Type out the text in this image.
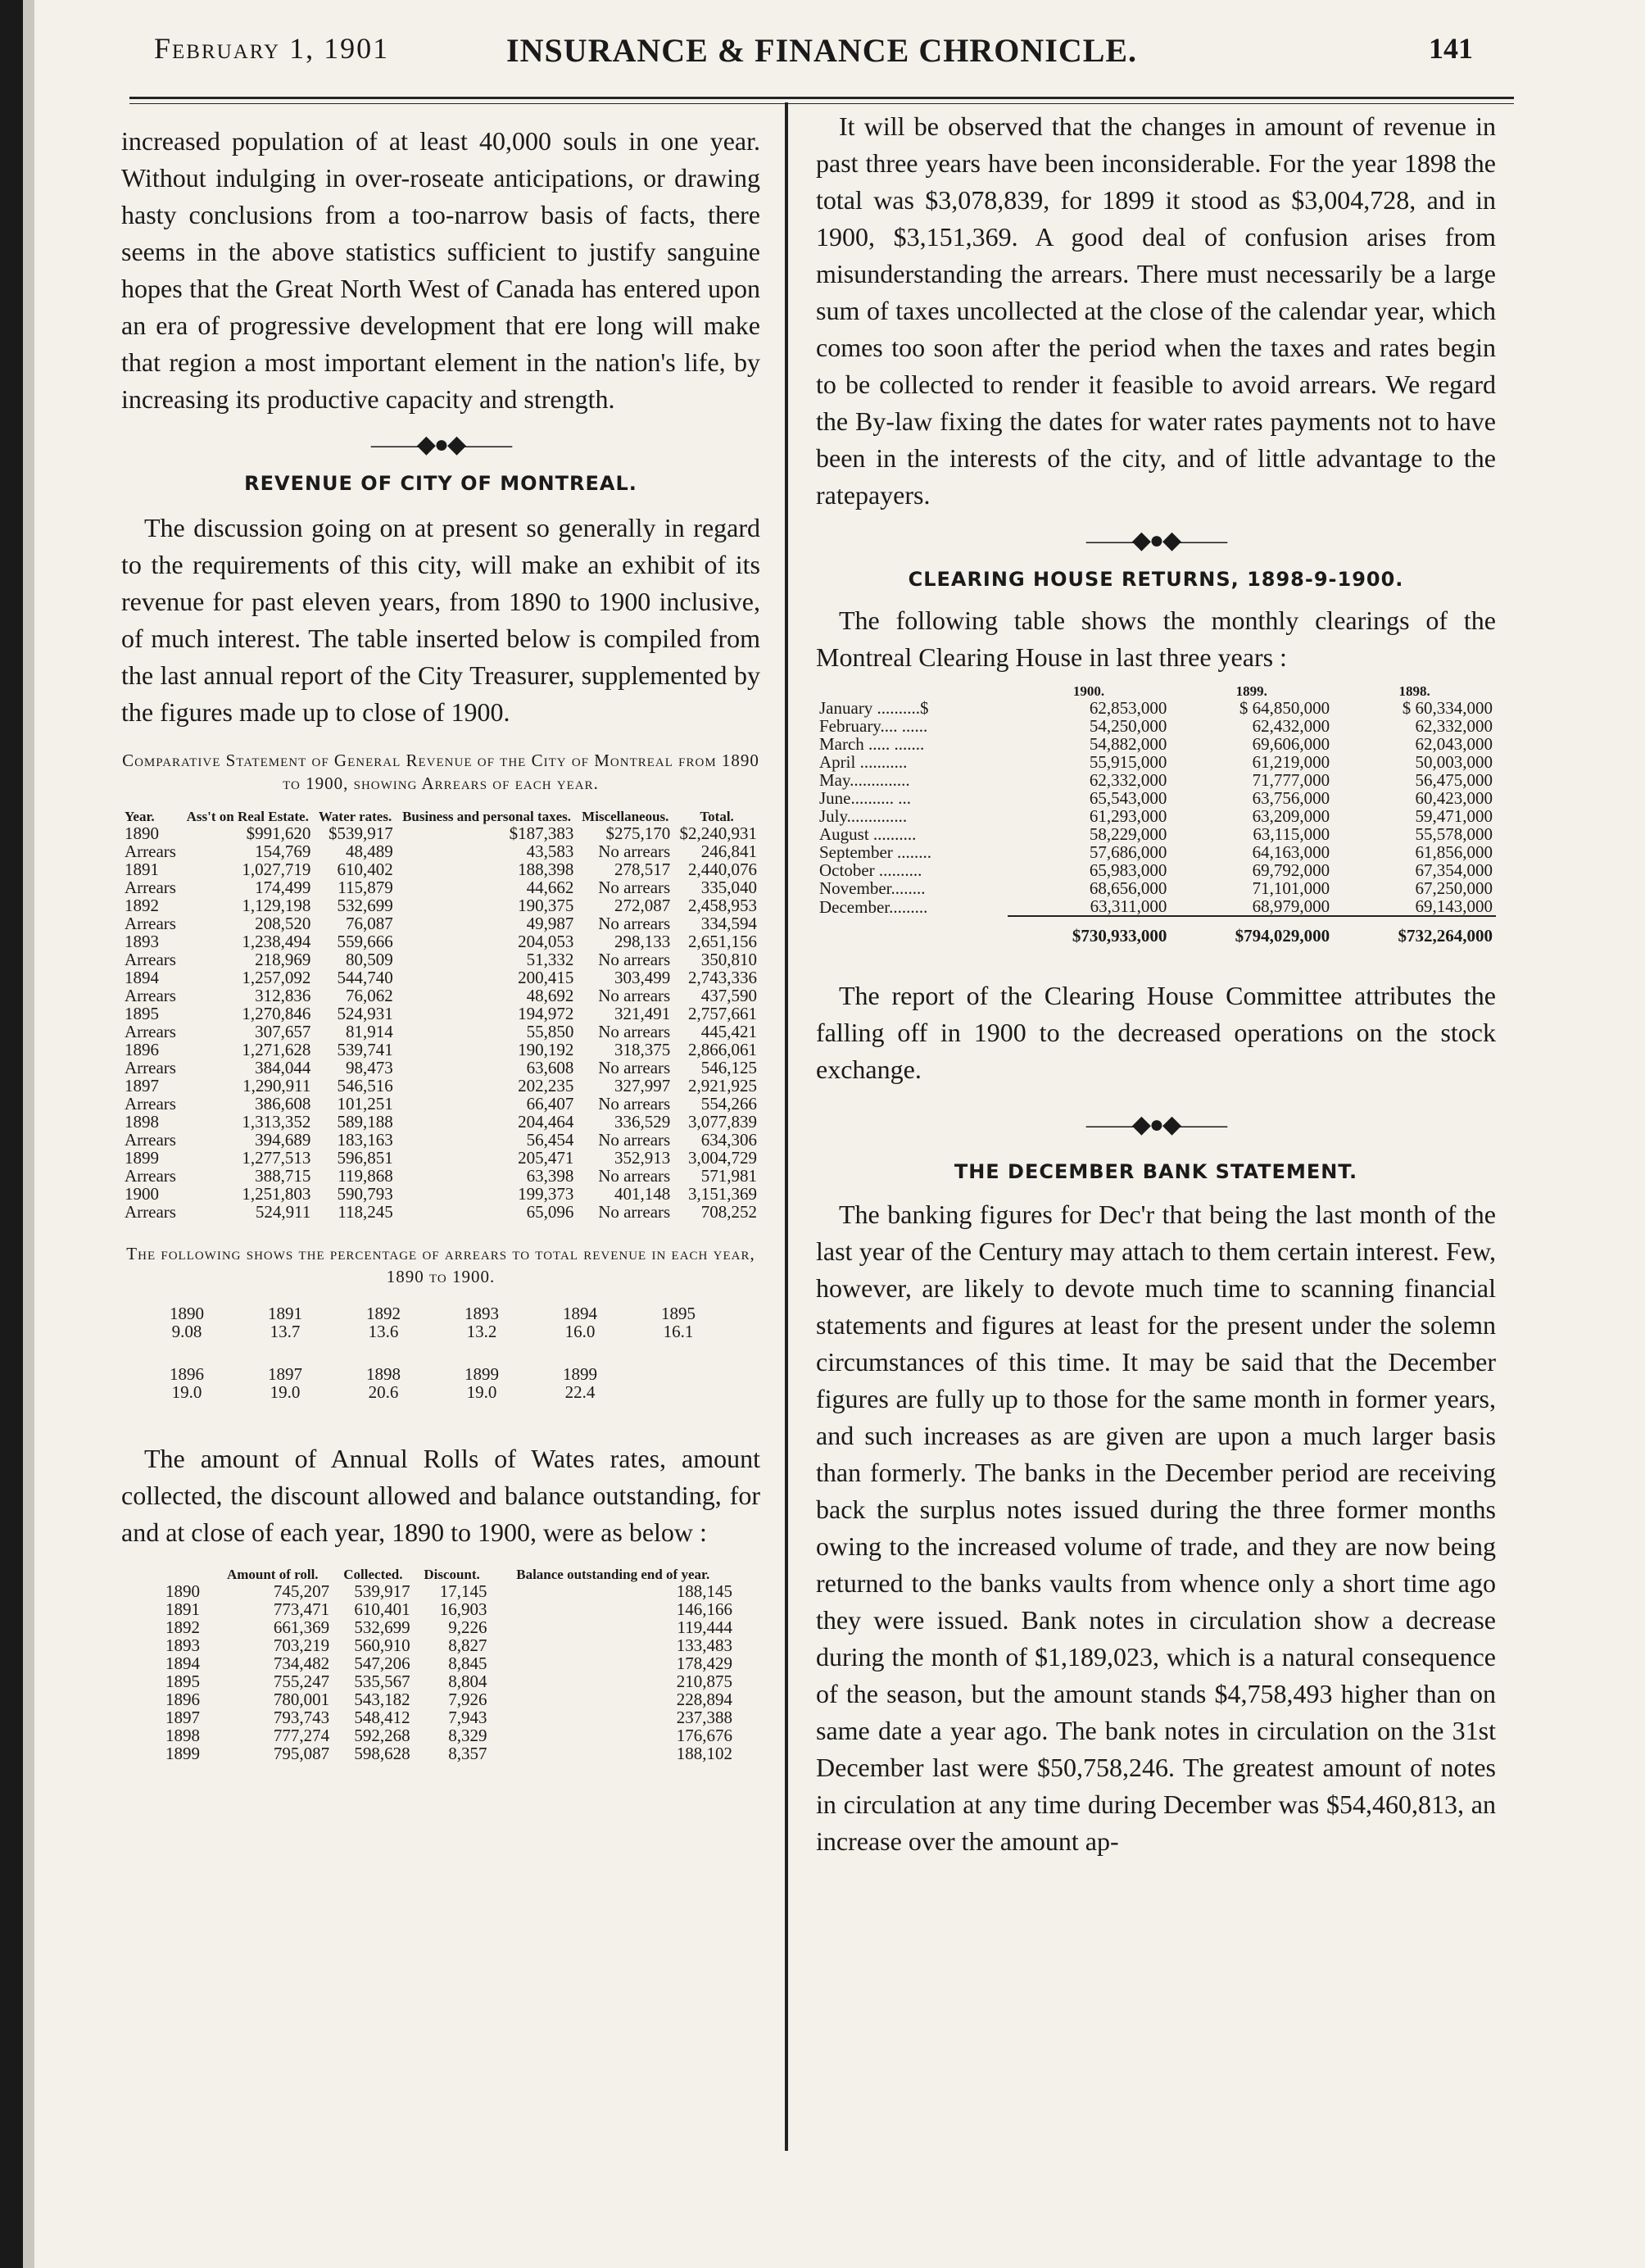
February 1, 1901	INSURANCE & FINANCE CHRONICLE.	141

increased population of at least 40,000 souls in one year. Without indulging in over-roseate anticipations, or drawing hasty conclusions from a too-narrow basis of facts, there seems in the above statistics sufficient to justify sanguine hopes that the Great North West of Canada has entered upon an era of progressive development that ere long will make that region a most important element in the nation's life, by increasing its productive capacity and strength.

——◆●◆——

REVENUE OF CITY OF MONTREAL.

The discussion going on at present so generally in regard to the requirements of this city, will make an exhibit of its revenue for past eleven years, from 1890 to 1900 inclusive, of much interest. The table inserted below is compiled from the last annual report of the City Treasurer, supplemented by the figures made up to close of 1900.

Comparative Statement of General Revenue of the City of Montreal from 1890 to 1900, showing Arrears of each year.

Year.	Ass't on Real Estate.	Water rates.	Business and personal taxes.	Miscellaneous.	Total.
1890	$991,620	$539,917	$187,383	$275,170	$2,240,931
Arrears	154,769	48,489	43,583	No arrears	246,841
1891	1,027,719	610,402	188,398	278,517	2,440,076
Arrears	174,499	115,879	44,662	No arrears	335,040
1892	1,129,198	532,699	190,375	272,087	2,458,953
Arrears	208,520	76,087	49,987	No arrears	334,594
1893	1,238,494	559,666	204,053	298,133	2,651,156
Arrears	218,969	80,509	51,332	No arrears	350,810
1894	1,257,092	544,740	200,415	303,499	2,743,336
Arrears	312,836	76,062	48,692	No arrears	437,590
1895	1,270,846	524,931	194,972	321,491	2,757,661
Arrears	307,657	81,914	55,850	No arrears	445,421
1896	1,271,628	539,741	190,192	318,375	2,866,061
Arrears	384,044	98,473	63,608	No arrears	546,125
1897	1,290,911	546,516	202,235	327,997	2,921,925
Arrears	386,608	101,251	66,407	No arrears	554,266
1898	1,313,352	589,188	204,464	336,529	3,077,839
Arrears	394,689	183,163	56,454	No arrears	634,306
1899	1,277,513	596,851	205,471	352,913	3,004,729
Arrears	388,715	119,868	63,398	No arrears	571,981
1900	1,251,803	590,793	199,373	401,148	3,151,369
Arrears	524,911	118,245	65,096	No arrears	708,252

The following shows the percentage of arrears to total revenue in each year, 1890 to 1900.

1890	1891	1892	1893	1894	1895
9.08	13.7	13.6	13.2	16.0	16.1
1896	1897	1898	1899	1899	
19.0	19.0	20.6	19.0	22.4	

The amount of Annual Rolls of Wates rates, amount collected, the discount allowed and balance outstanding, for and at close of each year, 1890 to 1900, were as below :

	Amount of roll.	Collected.	Discount.	Balance outstanding end of year.
1890	745,207	539,917	17,145	188,145
1891	773,471	610,401	16,903	146,166
1892	661,369	532,699	9,226	119,444
1893	703,219	560,910	8,827	133,483
1894	734,482	547,206	8,845	178,429
1895	755,247	535,567	8,804	210,875
1896	780,001	543,182	7,926	228,894
1897	793,743	548,412	7,943	237,388
1898	777,274	592,268	8,329	176,676
1899	795,087	598,628	8,357	188,102

It will be observed that the changes in amount of revenue in past three years have been inconsiderable. For the year 1898 the total was $3,078,839, for 1899 it stood as $3,004,728, and in 1900, $3,151,369. A good deal of confusion arises from misunderstanding the arrears. There must necessarily be a large sum of taxes uncollected at the close of the calendar year, which comes too soon after the period when the taxes and rates begin to be collected to render it feasible to avoid arrears. We regard the By-law fixing the dates for water rates payments not to have been in the interests of the city, and of little advantage to the ratepayers.

——◆●◆——

CLEARING HOUSE RETURNS, 1898-9-1900.

The following table shows the monthly clearings of the Montreal Clearing House in last three years :

	1900.	1899.	1898.
January ..........$	62,853,000	$ 64,850,000	$ 60,334,000
February.... ......	54,250,000	62,432,000	62,332,000
March ..... .......	54,882,000	69,606,000	62,043,000
April ...........	55,915,000	61,219,000	50,003,000
May..............	62,332,000	71,777,000	56,475,000
June.......... ...	65,543,000	63,756,000	60,423,000
July..............	61,293,000	63,209,000	59,471,000
August ..........	58,229,000	63,115,000	55,578,000
September ........	57,686,000	64,163,000	61,856,000
October ..........	65,983,000	69,792,000	67,354,000
November........	68,656,000	71,101,000	67,250,000
December.........	63,311,000	68,979,000	69,143,000
	$730,933,000	$794,029,000	$732,264,000

The report of the Clearing House Committee attributes the falling off in 1900 to the decreased operations on the stock exchange.

——◆●◆——

THE DECEMBER BANK STATEMENT.

The banking figures for Dec'r that being the last month of the last year of the Century may attach to them certain interest. Few, however, are likely to devote much time to scanning financial statements and figures at least for the present under the solemn circumstances of this time. It may be said that the December figures are fully up to those for the same month in former years, and such increases as are given are upon a much larger basis than formerly. The banks in the December period are receiving back the surplus notes issued during the three former months owing to the increased volume of trade, and they are now being returned to the banks vaults from whence only a short time ago they were issued. Bank notes in circulation show a decrease during the month of $1,189,023, which is a natural consequence of the season, but the amount stands $4,758,493 higher than on same date a year ago. The bank notes in circulation on the 31st December last were $50,758,246. The greatest amount of notes in circulation at any time during December was $54,460,813, an increase over the amount ap-
